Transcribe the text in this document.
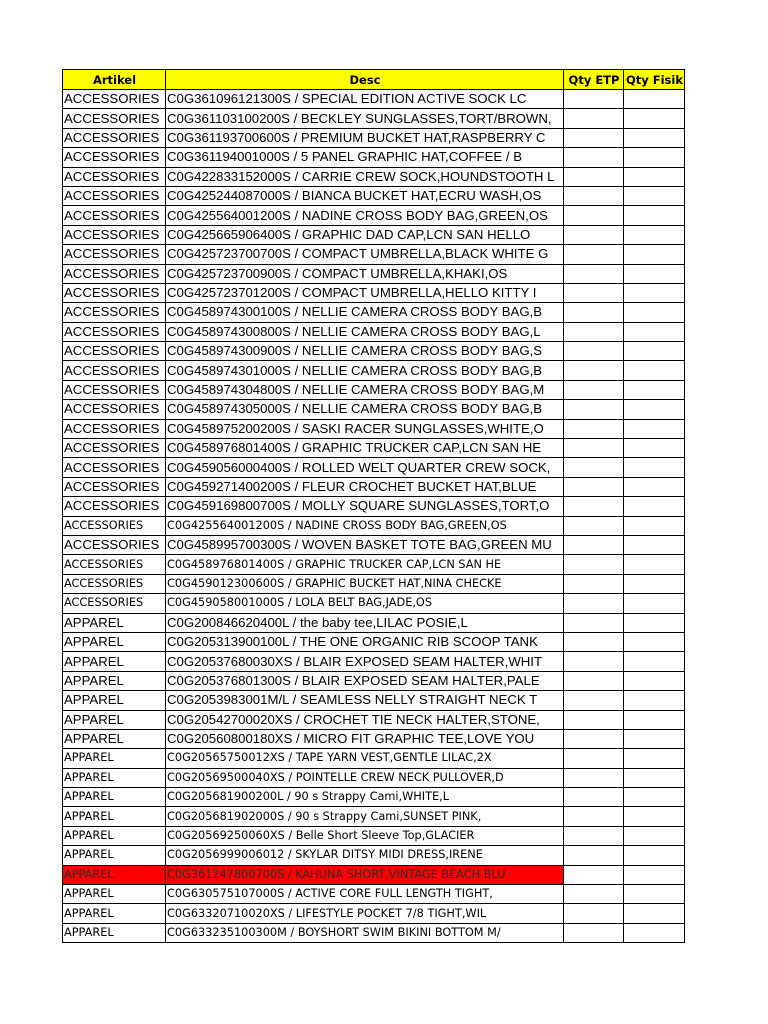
Artikel	Desc	Qty ETP	Qty Fisik
ACCESSORIES	C0G361096121300S / SPECIAL EDITION ACTIVE SOCK LC		
ACCESSORIES	C0G361103100200S / BECKLEY SUNGLASSES,TORT/BROWN,		
ACCESSORIES	C0G361193700600S / PREMIUM BUCKET HAT,RASPBERRY C		
ACCESSORIES	C0G361194001000S / 5 PANEL GRAPHIC HAT,COFFEE / B		
ACCESSORIES	C0G422833152000S / CARRIE CREW SOCK,HOUNDSTOOTH L		
ACCESSORIES	C0G425244087000S / BIANCA BUCKET HAT,ECRU WASH,OS		
ACCESSORIES	C0G425564001200S / NADINE CROSS BODY BAG,GREEN,OS		
ACCESSORIES	C0G425665906400S / GRAPHIC DAD CAP,LCN SAN HELLO		
ACCESSORIES	C0G425723700700S / COMPACT UMBRELLA,BLACK WHITE G		
ACCESSORIES	C0G425723700900S / COMPACT UMBRELLA,KHAKI,OS		
ACCESSORIES	C0G425723701200S / COMPACT UMBRELLA,HELLO KITTY I		
ACCESSORIES	C0G458974300100S / NELLIE CAMERA CROSS BODY BAG,B		
ACCESSORIES	C0G458974300800S / NELLIE CAMERA CROSS BODY BAG,L		
ACCESSORIES	C0G458974300900S / NELLIE CAMERA CROSS BODY BAG,S		
ACCESSORIES	C0G458974301000S / NELLIE CAMERA CROSS BODY BAG,B		
ACCESSORIES	C0G458974304800S / NELLIE CAMERA CROSS BODY BAG,M		
ACCESSORIES	C0G458974305000S / NELLIE CAMERA CROSS BODY BAG,B		
ACCESSORIES	C0G458975200200S / SASKI RACER SUNGLASSES,WHITE,O		
ACCESSORIES	C0G458976801400S / GRAPHIC TRUCKER CAP,LCN SAN HE		
ACCESSORIES	C0G459056000400S / ROLLED WELT QUARTER CREW SOCK,		
ACCESSORIES	C0G459271400200S / FLEUR CROCHET BUCKET HAT,BLUE		
ACCESSORIES	C0G459169800700S / MOLLY SQUARE SUNGLASSES,TORT,O		
ACCESSORIES	C0G425564001200S / NADINE CROSS BODY BAG,GREEN,OS		
ACCESSORIES	C0G458995700300S / WOVEN BASKET TOTE BAG,GREEN MU		
ACCESSORIES	C0G458976801400S / GRAPHIC TRUCKER CAP,LCN SAN HE		
ACCESSORIES	C0G459012300600S / GRAPHIC BUCKET HAT,NINA CHECKE		
ACCESSORIES	C0G459058001000S / LOLA BELT BAG,JADE,OS		
APPAREL	C0G200846620400L / the baby tee,LILAC POSIE,L		
APPAREL	C0G205313900100L / THE ONE ORGANIC RIB SCOOP TANK		
APPAREL	C0G20537680030XS / BLAIR EXPOSED SEAM HALTER,WHIT		
APPAREL	C0G205376801300S / BLAIR EXPOSED SEAM HALTER,PALE		
APPAREL	C0G2053983001M/L / SEAMLESS NELLY STRAIGHT NECK T		
APPAREL	C0G20542700020XS / CROCHET TIE NECK HALTER,STONE,		
APPAREL	C0G20560800180XS / MICRO FIT GRAPHIC TEE,LOVE YOU		
APPAREL	C0G20565750012XS / TAPE YARN VEST,GENTLE LILAC,2X		
APPAREL	C0G20569500040XS / POINTELLE CREW NECK PULLOVER,D		
APPAREL	C0G205681900200L / 90 s Strappy Cami,WHITE,L		
APPAREL	C0G205681902000S / 90 s Strappy Cami,SUNSET PINK,		
APPAREL	C0G20569250060XS / Belle Short Sleeve Top,GLACIER		
APPAREL	C0G2056999006012 / SKYLAR DITSY MIDI DRESS,IRENE		
APPAREL	C0G361247800700S / KAHUNA SHORT,VINTAGE BEACH BLU		
APPAREL	C0G630575107000S / ACTIVE CORE FULL LENGTH TIGHT,		
APPAREL	C0G63320710020XS / LIFESTYLE POCKET 7/8 TIGHT,WIL		
APPAREL	C0G633235100300M / BOYSHORT SWIM BIKINI BOTTOM M/		
